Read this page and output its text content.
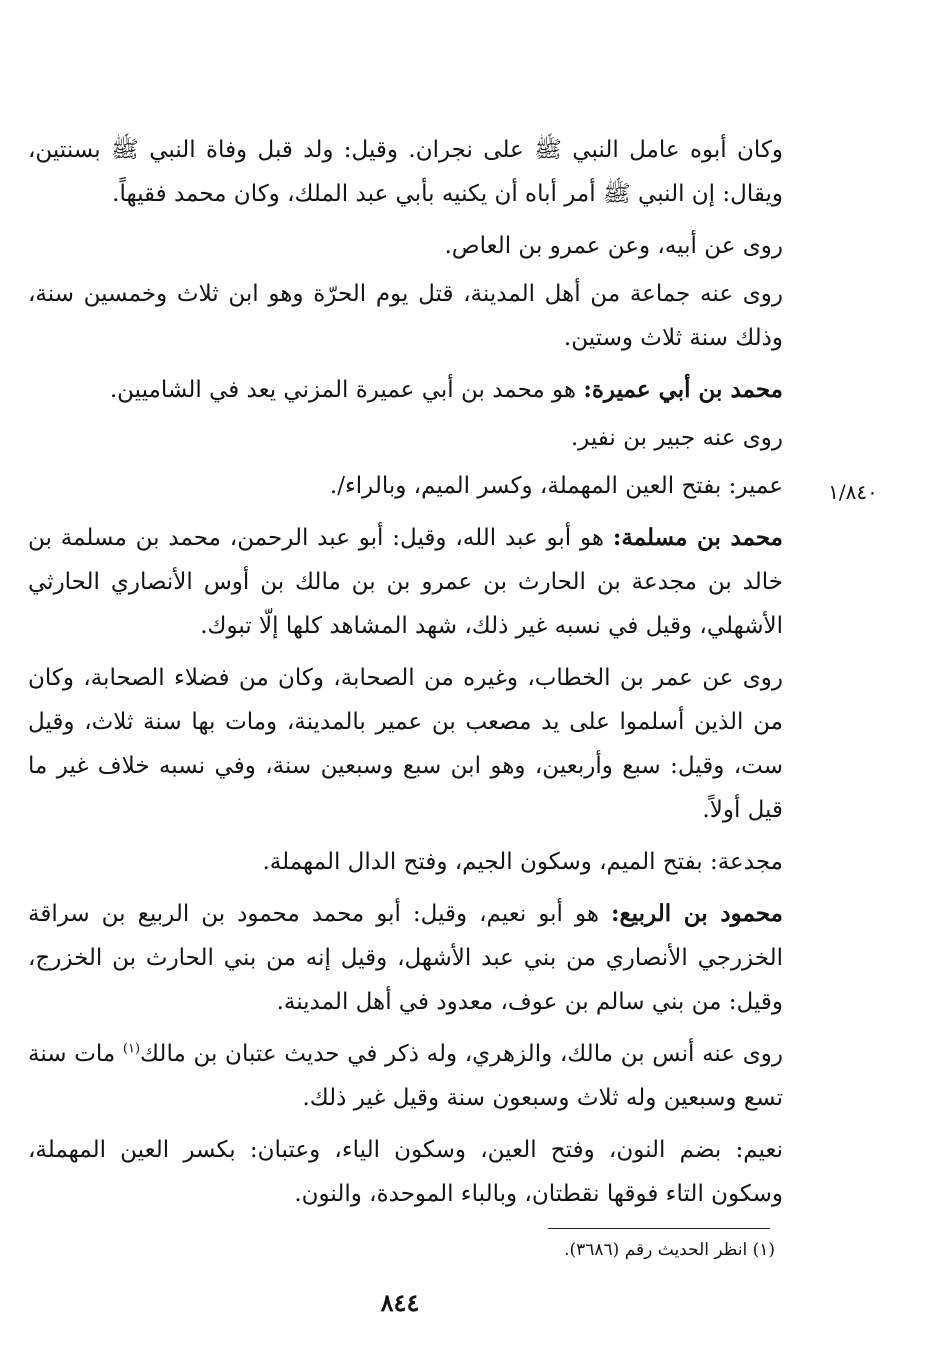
وكان أبوه عامل النبي ﷺ على نجران. وقيل: ولد قبل وفاة النبي ﷺ بسنتين، ويقال: إن النبي ﷺ أمر أباه أن يكنيه بأبي عبد الملك، وكان محمد فقيهاً.

روى عن أبيه، وعن عمرو بن العاص.

روى عنه جماعة من أهل المدينة، قتل يوم الحرّة وهو ابن ثلاث وخمسين سنة، وذلك سنة ثلاث وستين.

محمد بن أبي عميرة: هو محمد بن أبي عميرة المزني يعد في الشاميين.

روى عنه جبير بن نفير.

عمير: بفتح العين المهملة، وكسر الميم، وبالراء/.

محمد بن مسلمة: هو أبو عبد الله، وقيل: أبو عبد الرحمن، محمد بن مسلمة بن خالد بن مجدعة بن الحارث بن عمرو بن بن مالك بن أوس الأنصاري الحارثي الأشهلي، وقيل في نسبه غير ذلك، شهد المشاهد كلها إلّا تبوك.

روى عن عمر بن الخطاب، وغيره من الصحابة، وكان من فضلاء الصحابة، وكان من الذين أسلموا على يد مصعب بن عمير بالمدينة، ومات بها سنة ثلاث، وقيل ست، وقيل: سبع وأربعين، وهو ابن سبع وسبعين سنة، وفي نسبه خلاف غير ما قيل أولاً.

مجدعة: بفتح الميم، وسكون الجيم، وفتح الدال المهملة.

محمود بن الربيع: هو أبو نعيم، وقيل: أبو محمد محمود بن الربيع بن سراقة الخزرجي الأنصاري من بني عبد الأشهل، وقيل إنه من بني الحارث بن الخزرج، وقيل: من بني سالم بن عوف، معدود في أهل المدينة.

روى عنه أنس بن مالك، والزهري، وله ذكر في حديث عتبان بن مالك$^{(١)}$ مات سنة تسع وسبعين وله ثلاث وسبعون سنة وقيل غير ذلك.

نعيم: بضم النون، وفتح العين، وسكون الياء، وعتبان: بكسر العين المهملة، وسكون التاء فوقها نقطتان، وبالباء الموحدة، والنون.

١/٨٤٠
(١) انظر الحديث رقم (٣٦٨٦).
٨٤٤
